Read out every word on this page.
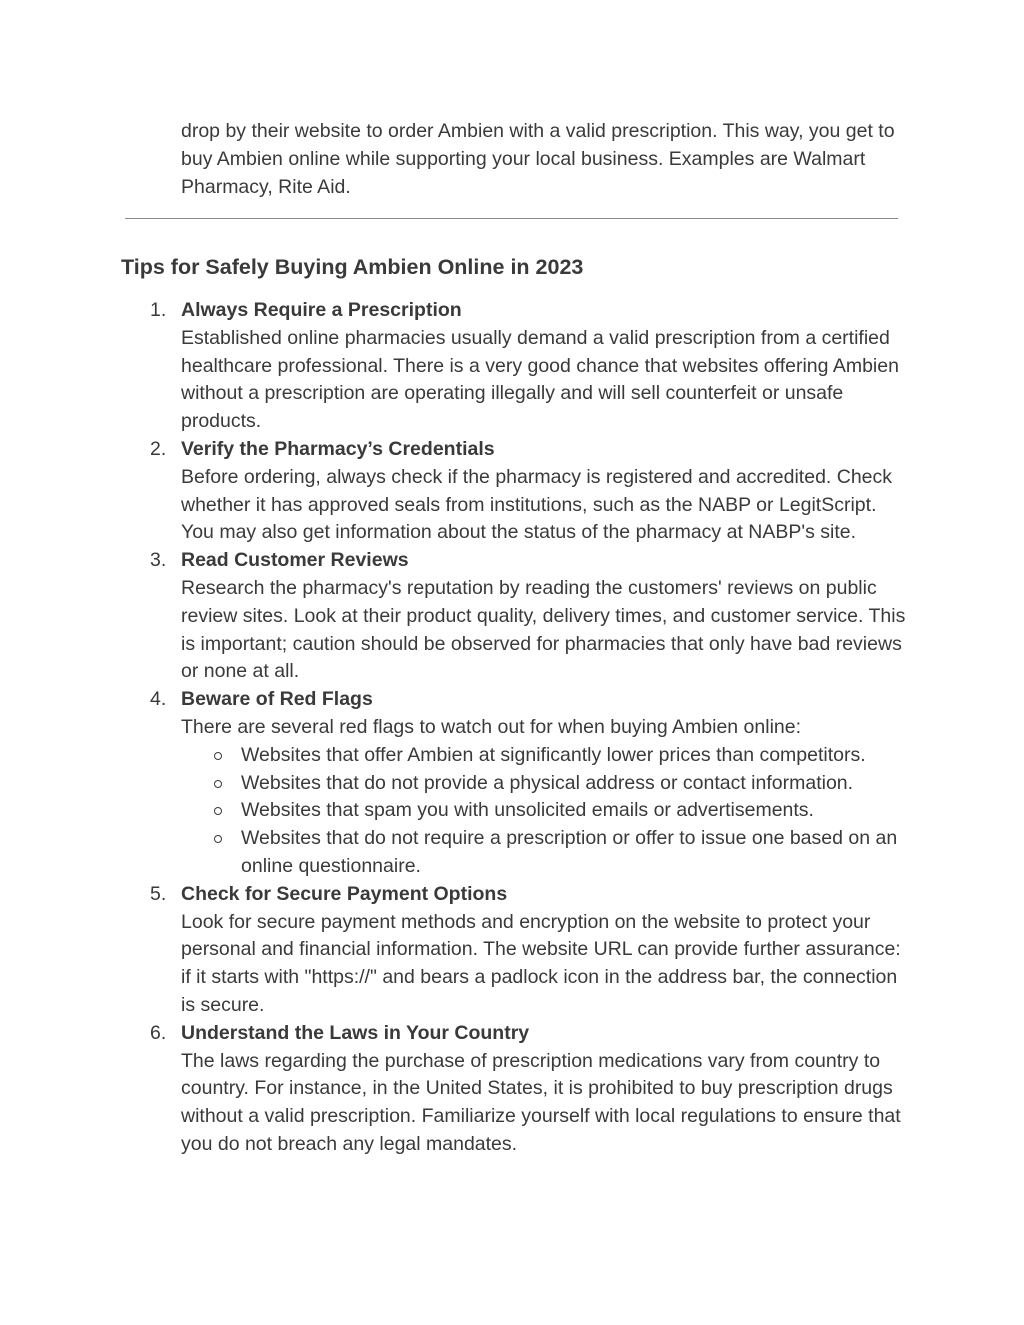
drop by their website to order Ambien with a valid prescription. This way, you get to buy Ambien online while supporting your local business. Examples are Walmart Pharmacy, Rite Aid.

Tips for Safely Buying Ambien Online in 2023
1. Always Require a Prescription
Established online pharmacies usually demand a valid prescription from a certified healthcare professional. There is a very good chance that websites offering Ambien without a prescription are operating illegally and will sell counterfeit or unsafe products.
2. Verify the Pharmacy’s Credentials
Before ordering, always check if the pharmacy is registered and accredited. Check whether it has approved seals from institutions, such as the NABP or LegitScript. You may also get information about the status of the pharmacy at NABP's site.
3. Read Customer Reviews
Research the pharmacy's reputation by reading the customers' reviews on public review sites. Look at their product quality, delivery times, and customer service. This is important; caution should be observed for pharmacies that only have bad reviews or none at all.
4. Beware of Red Flags
There are several red flags to watch out for when buying Ambien online:
Websites that offer Ambien at significantly lower prices than competitors.
Websites that do not provide a physical address or contact information.
Websites that spam you with unsolicited emails or advertisements.
Websites that do not require a prescription or offer to issue one based on an online questionnaire.
5. Check for Secure Payment Options
Look for secure payment methods and encryption on the website to protect your personal and financial information. The website URL can provide further assurance: if it starts with "https://" and bears a padlock icon in the address bar, the connection is secure.
6. Understand the Laws in Your Country
The laws regarding the purchase of prescription medications vary from country to country. For instance, in the United States, it is prohibited to buy prescription drugs without a valid prescription. Familiarize yourself with local regulations to ensure that you do not breach any legal mandates.
